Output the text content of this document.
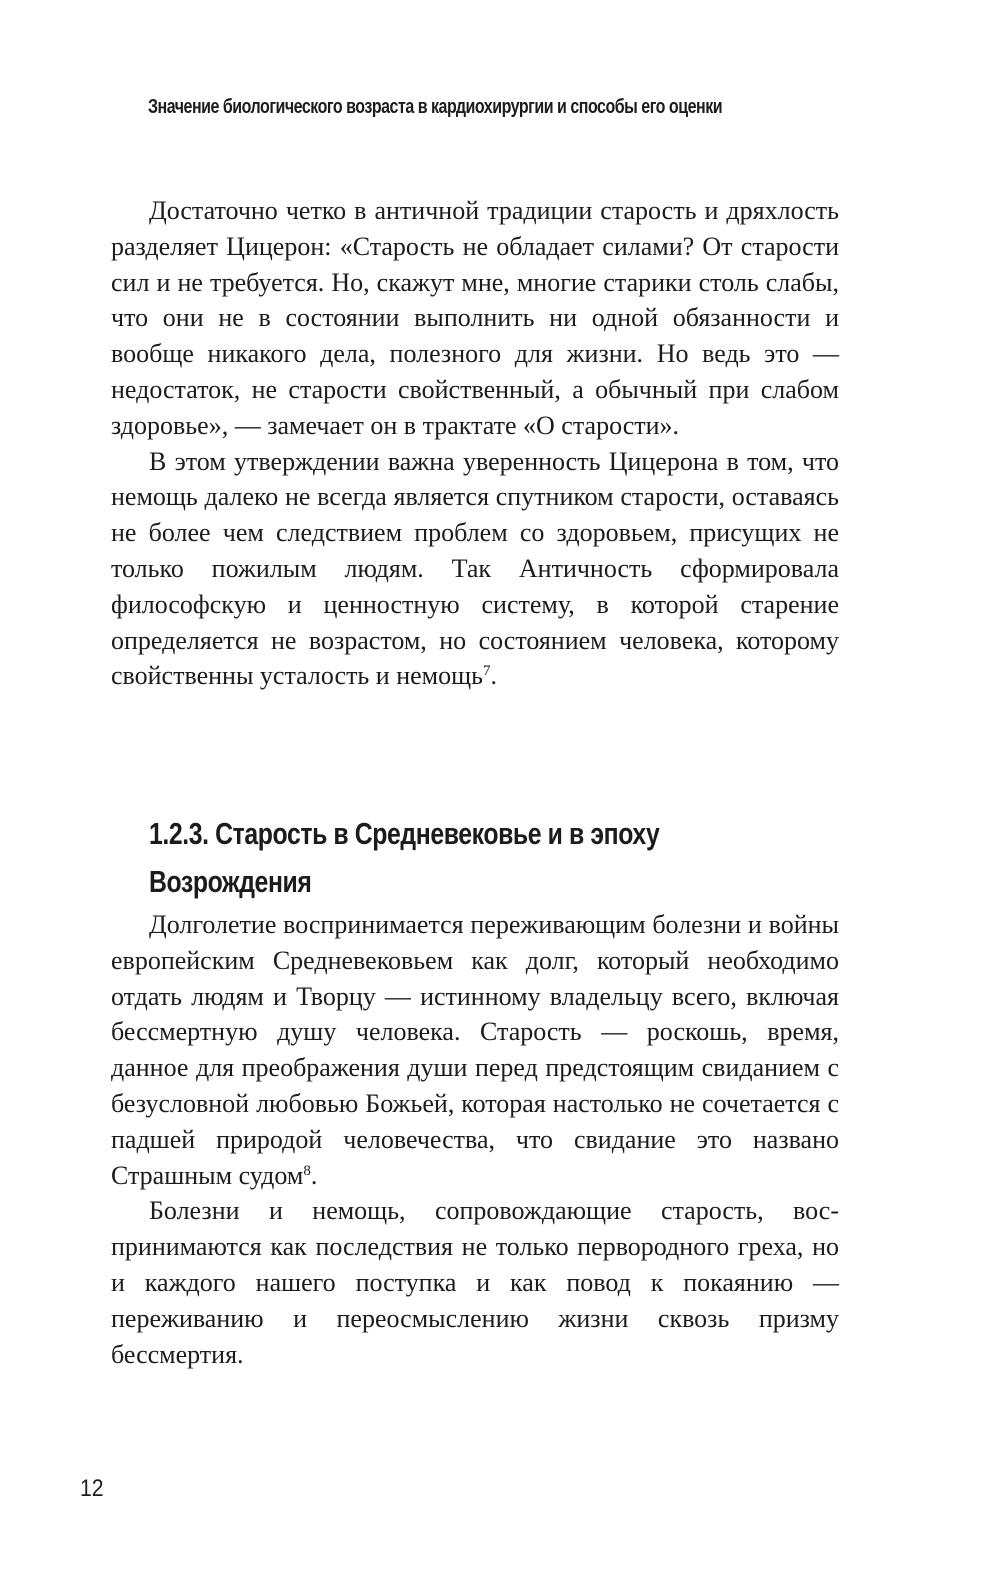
Значение биологического возраста в кардиохирургии и способы его оценки

Достаточно четко в античной традиции старость и дряхлость разделяет Цицерон: «Старость не обладает силами? От старости сил и не требуется. Но, скажут мне, многие старики столь слабы, что они не в состоянии выполнить ни одной обязанности и вообще никакого дела, полезного для жизни. Но ведь это — недостаток, не старости свойственный, а обычный при слабом здоровье», — замечает он в трактате «О старости».

В этом утверждении важна уверенность Цицерона в том, что немощь далеко не всегда является спутником старости, оставаясь не более чем следствием проблем со здоровьем, присущих не только пожилым людям. Так Античность сформировала философскую и ценностную систему, в которой старение определяется не возрастом, но состоянием человека, которому свойственны усталость и немощь$^7$.

1.2.3. Старость в Средневековье и в эпоху
Возрождения

Долголетие воспринимается переживающим болезни и войны европейским Средневековьем как долг, который необходимо отдать людям и Творцу — истинному владельцу всего, включая бессмертную душу человека. Старость — роскошь, время, данное для преображения души перед предстоящим свиданием с безусловной любовью Божьей, которая настолько не сочетается с падшей природой человечества, что свидание это названо Страшным судом$^8$.

Болезни и немощь, сопровождающие старость, воспринимаются как последствия не только первородного греха, но и каждого нашего поступка и как повод к покаянию — переживанию и переосмыслению жизни сквозь призму бессмертия.

12
